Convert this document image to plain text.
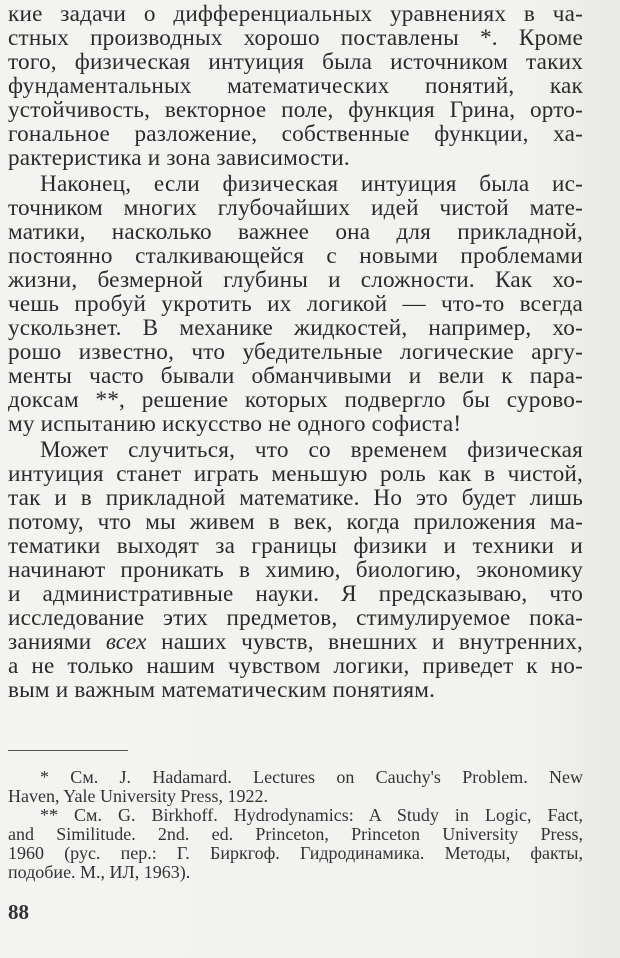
кие задачи о дифференциальных уравнениях в ча-
стных производных хорошо поставлены *. Кроме
того, физическая интуиция была источником таких
фундаментальных математических понятий, как
устойчивость, векторное поле, функция Грина, орто-
гональное разложение, собственные функции, ха-
рактеристика и зона зависимости.
Наконец, если физическая интуиция была ис-
точником многих глубочайших идей чистой мате-
матики, насколько важнее она для прикладной,
постоянно сталкивающейся с новыми проблемами
жизни, безмерной глубины и сложности. Как хо-
чешь пробуй укротить их логикой — что-то всегда
ускользнет. В механике жидкостей, например, хо-
рошо известно, что убедительные логические аргу-
менты часто бывали обманчивыми и вели к пара-
доксам **, решение которых подвергло бы сурово-
му испытанию искусство не одного софиста!
Может случиться, что со временем физическая
интуиция станет играть меньшую роль как в чистой,
так и в прикладной математике. Но это будет лишь
потому, что мы живем в век, когда приложения ма-
тематики выходят за границы физики и техники и
начинают проникать в химию, биологию, экономику
и административные науки. Я предсказываю, что
исследование этих предметов, стимулируемое пока-
заниями всех наших чувств, внешних и внутренних,
а не только нашим чувством логики, приведет к но-
вым и важным математическим понятиям.
* См. J. Hadamard. Lectures on Cauchy's Problem. New
Haven, Yale University Press, 1922.
** См. G. Birkhoff. Hydrodynamics: A Study in Logic, Fact,
and Similitude. 2nd. ed. Princeton, Princeton University Press,
1960 (рус. пер.: Г. Биркгоф. Гидродинамика. Методы, факты,
подобие. М., ИЛ, 1963).
88
